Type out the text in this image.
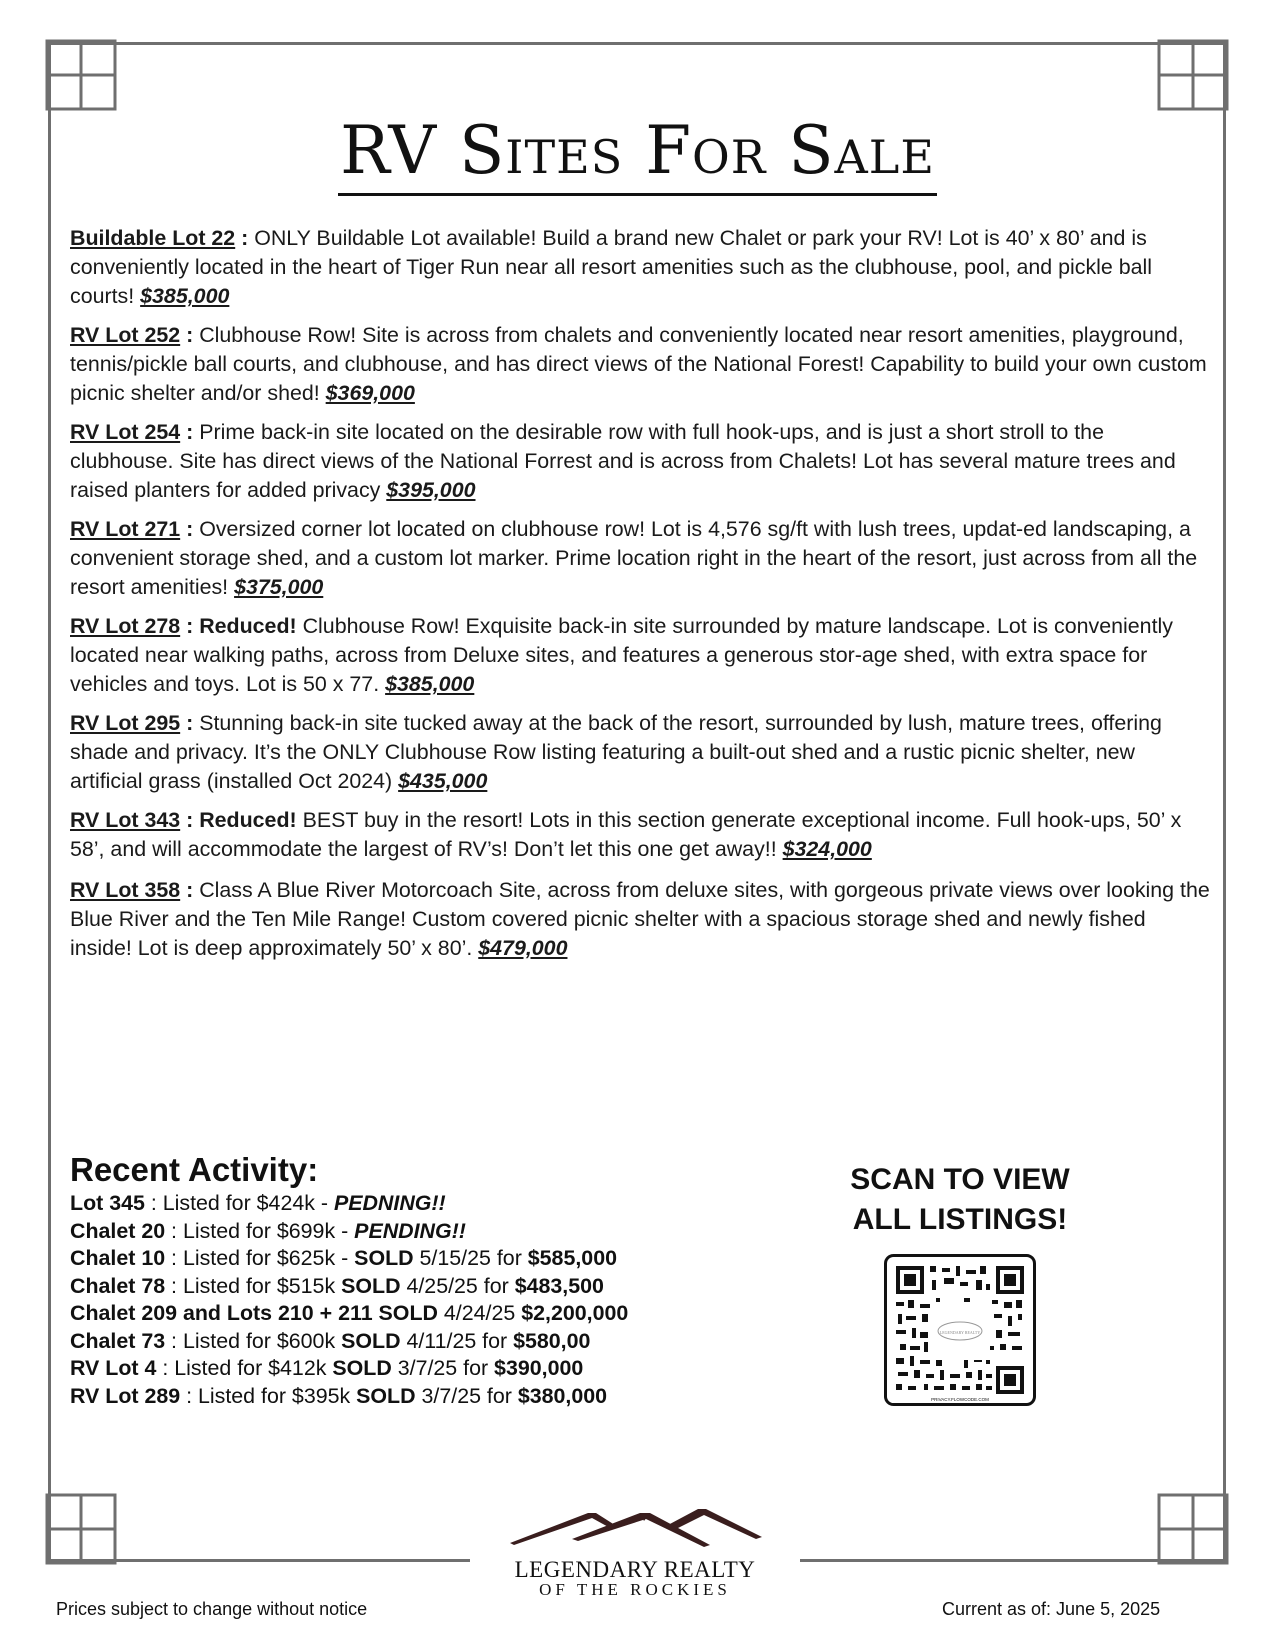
RV Sites For Sale
Buildable Lot 22 : ONLY Buildable Lot available! Build a brand new Chalet or park your RV! Lot is 40’ x 80’ and is conveniently located in the heart of Tiger Run near all resort amenities such as the clubhouse, pool, and pickle ball courts! $385,000
RV Lot 252 : Clubhouse Row! Site is across from chalets and conveniently located near resort amenities, playground, tennis/pickle ball courts, and clubhouse, and has direct views of the National Forest! Capability to build your own custom picnic shelter and/or shed! $369,000
RV Lot 254 : Prime back-in site located on the desirable row with full hook-ups, and is just a short stroll to the clubhouse. Site has direct views of the National Forrest and is across from Chalets! Lot has several mature trees and raised planters for added privacy $395,000
RV Lot 271 : Oversized corner lot located on clubhouse row! Lot is 4,576 sg/ft with lush trees, updat-ed landscaping, a convenient storage shed, and a custom lot marker. Prime location right in the heart of the resort, just across from all the resort amenities! $375,000
RV Lot 278 : Reduced! Clubhouse Row! Exquisite back-in site surrounded by mature landscape. Lot is conveniently located near walking paths, across from Deluxe sites, and features a generous stor-age shed, with extra space for vehicles and toys. Lot is 50 x 77. $385,000
RV Lot 295 : Stunning back-in site tucked away at the back of the resort, surrounded by lush, mature trees, offering shade and privacy. It’s the ONLY Clubhouse Row listing featuring a built-out shed and a rustic picnic shelter, new artificial grass (installed Oct 2024) $435,000
RV Lot 343 : Reduced! BEST buy in the resort! Lots in this section generate exceptional income. Full hook-ups, 50’ x 58’, and will accommodate the largest of RV’s! Don’t let this one get away!! $324,000
RV Lot 358 : Class A Blue River Motorcoach Site, across from deluxe sites, with gorgeous private views over looking the Blue River and the Ten Mile Range! Custom covered picnic shelter with a spacious storage shed and newly fished inside! Lot is deep approximately 50’ x 80’. $479,000
Recent Activity:
Lot 345 : Listed for $424k - PEDNING!!
Chalet 20 : Listed for $699k - PENDING!!
Chalet 10 : Listed for $625k - SOLD 5/15/25 for $585,000
Chalet 78 : Listed for $515k SOLD 4/25/25 for $483,500
Chalet 209 and Lots 210 + 211 SOLD 4/24/25 $2,200,000
Chalet 73 : Listed for $600k SOLD 4/11/25 for $580,00
RV Lot 4 : Listed for $412k SOLD 3/7/25 for $390,000
RV Lot 289 : Listed for $395k SOLD 3/7/25 for $380,000
SCAN TO VIEW
ALL LISTINGS!
LEGENDARY REALTY
PRIVACY.FLOWCODE.COM
LEGENDARY REALTY
OF THE ROCKIES
Prices subject to change without notice	Current as of: June 5, 2025
